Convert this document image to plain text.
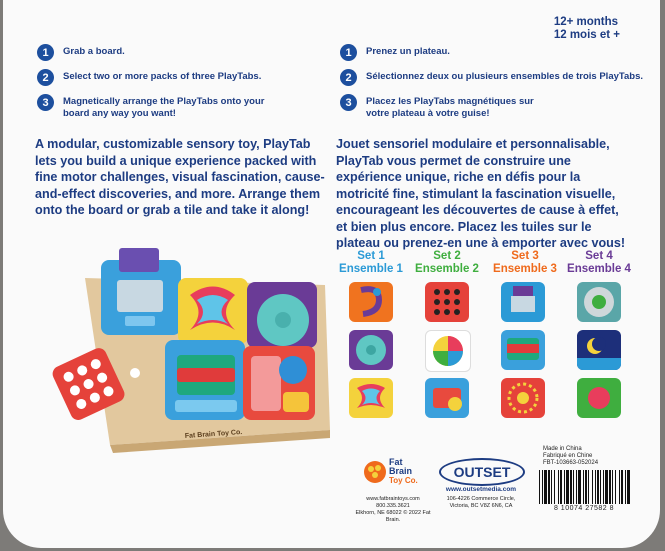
1	Grab a board.
2	Select two or more packs of three PlayTabs.
3	Magnetically arrange the PlayTabs onto your board any way you want!
12+ months
12 mois et +
1	Prenez un plateau.
2	Sélectionnez deux ou plusieurs ensembles de trois PlayTabs.
3	Placez les PlayTabs magnétiques sur votre plateau à votre guise!
A modular, customizable sensory toy, PlayTab lets you build a unique experience packed with fine motor challenges, visual fascination, cause-and-effect discoveries, and more. Arrange them onto the board or grab a tile and take it along!
Jouet sensoriel modulaire et personnalisable, PlayTab vous permet de construire une expérience unique, riche en défis pour la motricité fine, stimulant la fascination visuelle, encourageant les découvertes de cause à effet, et bien plus encore. Placez les tuiles sur le plateau ou prenez-en une à emporter avec vous!
Fat Brain Toy Co.
Set 1
Ensemble 1
Set 2
Ensemble 2
Set 3
Ensemble 3
Set 4
Ensemble 4
Fat
Brain
Toy Co.
www.fatbraintoys.com
800.335.3621
Elkhorn, NE 68022 © 2022 Fat Brain.
OUTSET
www.outsetmedia.com
106-4226 Commerce Circle, Victoria, BC V8Z 6N6, CA
Made in China
Fabriqué en Chine
FBT-103663-052024
8 10074 27582 8
